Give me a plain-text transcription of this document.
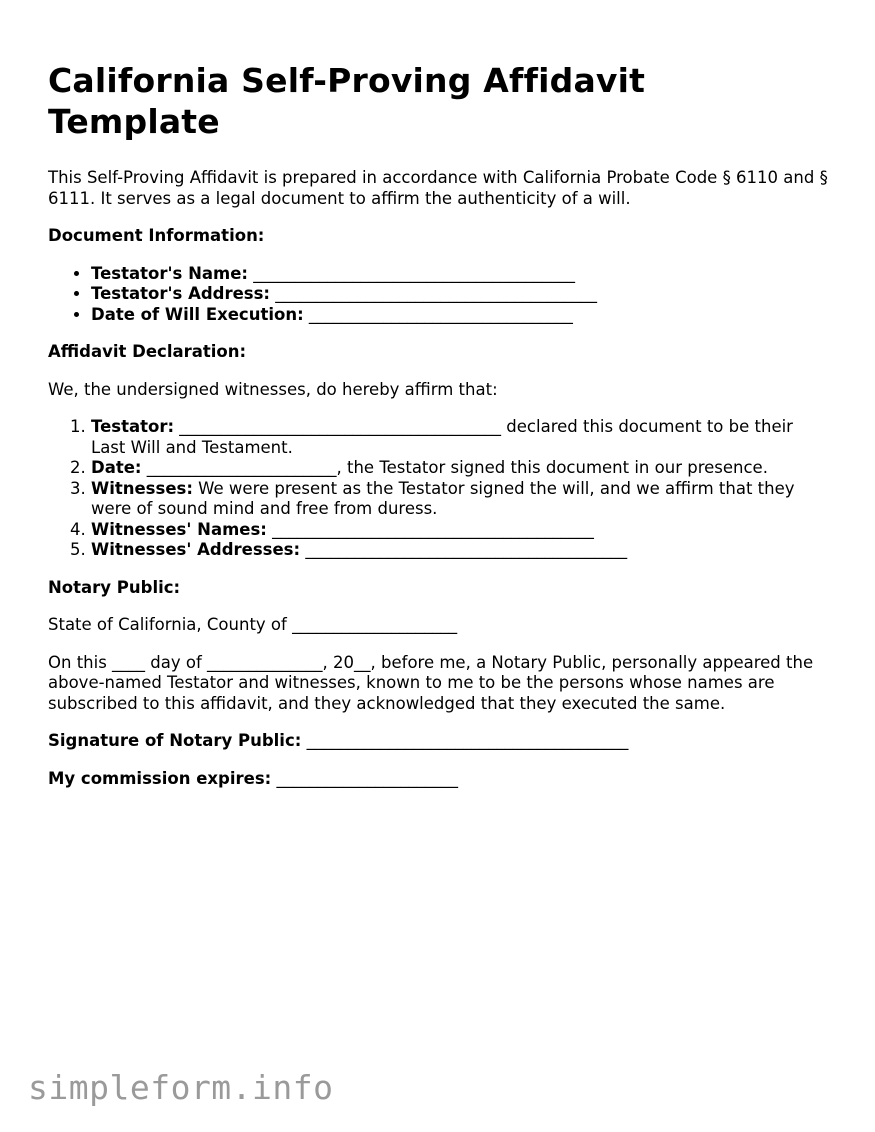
California Self-Proving Affidavit Template

This Self-Proving Affidavit is prepared in accordance with California Probate Code § 6110 and § 6111. It serves as a legal document to affirm the authenticity of a will.

Document Information:
• Testator's Name: _______________________________________
• Testator's Address: _______________________________________
• Date of Will Execution: ________________________________
Affidavit Declaration:

We, the undersigned witnesses, do hereby affirm that:

1. Testator: _______________________________________ declared this document to be their Last Will and Testament.
2. Date: _______________________, the Testator signed this document in our presence.
3. Witnesses: We were present as the Testator signed the will, and we affirm that they were of sound mind and free from duress.
4. Witnesses' Names: _______________________________________
5. Witnesses' Addresses: _______________________________________
Notary Public:

State of California, County of ____________________

On this ____ day of ______________, 20__, before me, a Notary Public, personally appeared the above-named Testator and witnesses, known to me to be the persons whose names are subscribed to this affidavit, and they acknowledged that they executed the same.

Signature of Notary Public: _______________________________________

My commission expires: ______________________

simpleform.info
